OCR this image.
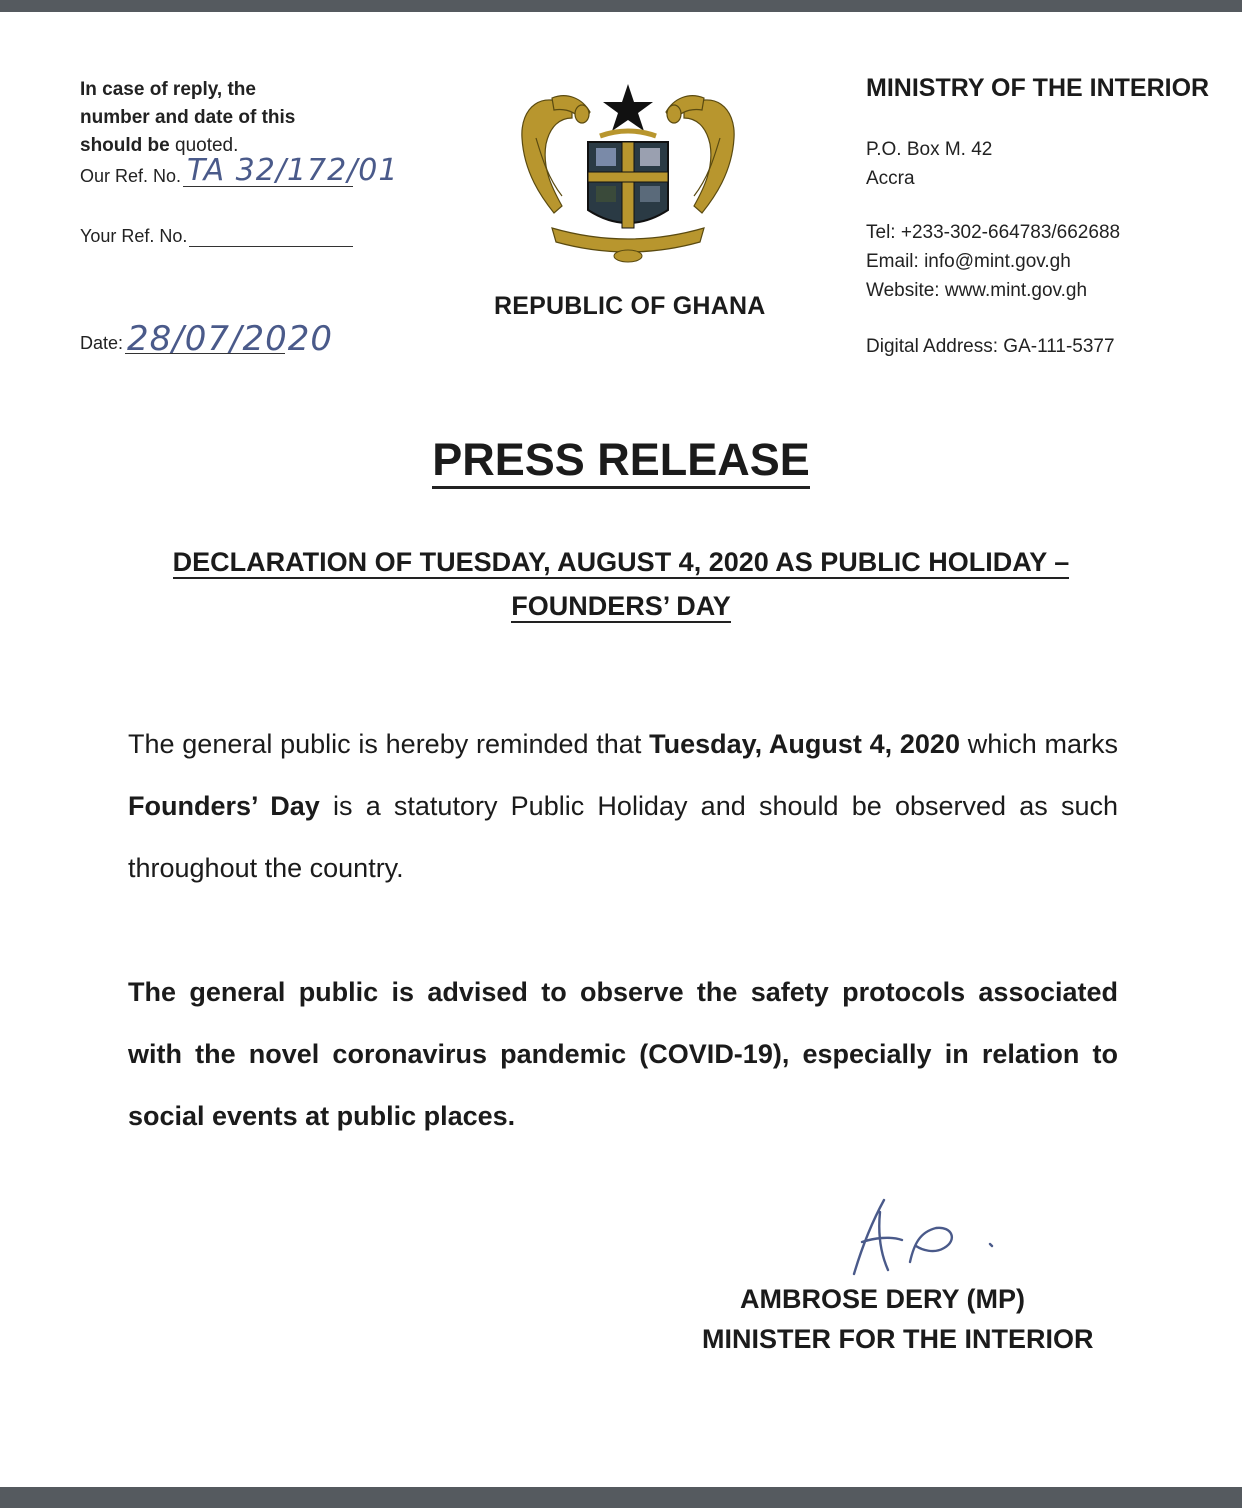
In case of reply, the
number and date of this
should be quoted.
Our Ref. No. TA 32/172/01
Your Ref. No.
Date: 28/07/2020
REPUBLIC OF GHANA
MINISTRY OF THE INTERIOR
P.O. Box M. 42
Accra
Tel: +233-302-664783/662688
Email: info@mint.gov.gh
Website: www.mint.gov.gh
Digital Address: GA-111-5377
PRESS RELEASE
DECLARATION OF TUESDAY, AUGUST 4, 2020 AS PUBLIC HOLIDAY –
FOUNDERS’ DAY
The general public is hereby reminded that Tuesday, August 4, 2020 which marks Founders’ Day is a statutory Public Holiday and should be observed as such throughout the country.
The general public is advised to observe the safety protocols associated with the novel coronavirus pandemic (COVID-19), especially in relation to social events at public places.
AMBROSE DERY (MP)
MINISTER FOR THE INTERIOR
